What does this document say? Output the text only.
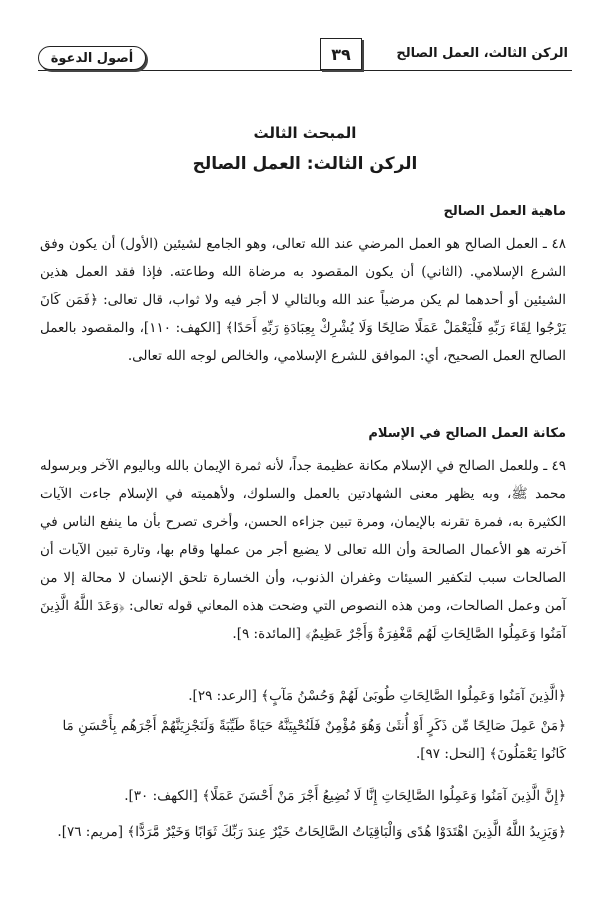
أصول الدعوة	٣٩	الركن الثالث، العمل الصالح
المبحث الثالث
الركن الثالث: العمل الصالح
ماهية العمل الصالح
٤٨ ـ العمل الصالح هو العمل المرضي عند الله تعالى، وهو الجامع لشيئين (الأول) أن يكون وفق الشرع الإسلامي. (الثاني) أن يكون المقصود به مرضاة الله وطاعته. فإذا فقد العمل هذين الشيئين أو أحدهما لم يكن مرضياً عند الله وبالتالي لا أجر فيه ولا ثواب، قال تعالى: ﴿فَمَن كَانَ يَرْجُوا لِقَاءَ رَبِّهِ فَلْيَعْمَلْ عَمَلًا صَالِحًا وَلَا يُشْرِكْ بِعِبَادَةِ رَبِّهِ أَحَدًا﴾ [الكهف: ١١٠]، والمقصود بالعمل الصالح العمل الصحيح، أي: الموافق للشرع الإسلامي، والخالص لوجه الله تعالى.
مكانة العمل الصالح في الإسلام
٤٩ ـ وللعمل الصالح في الإسلام مكانة عظيمة جداً، لأنه ثمرة الإيمان بالله وباليوم الآخر وبرسوله محمد ﷺ، وبه يظهر معنى الشهادتين بالعمل والسلوك، ولأهميته في الإسلام جاءت الآيات الكثيرة به، فمرة تقرنه بالإيمان، ومرة تبين جزاءه الحسن، وأخرى تصرح بأن ما ينفع الناس في آخرته هو الأعمال الصالحة وأن الله تعالى لا يضيع أجر من عملها وقام بها، وتارة تبين الآيات أن الصالحات سبب لتكفير السيئات وغفران الذنوب، وأن الخسارة تلحق الإنسان لا محالة إلا من آمن وعمل الصالحات، ومن هذه النصوص التي وضحت هذه المعاني قوله تعالى: ﴿وَعَدَ اللَّهُ الَّذِينَ آمَنُوا وَعَمِلُوا الصَّالِحَاتِ لَهُم مَّغْفِرَةٌ وَأَجْرٌ عَظِيمٌ﴾ [المائدة: ٩].
﴿الَّذِينَ آمَنُوا وَعَمِلُوا الصَّالِحَاتِ طُوبَىٰ لَهُمْ وَحُسْنُ مَآبٍ﴾ [الرعد: ٢٩].
﴿مَنْ عَمِلَ صَالِحًا مِّن ذَكَرٍ أَوْ أُنثَىٰ وَهُوَ مُؤْمِنٌ فَلَنُحْيِيَنَّهُ حَيَاةً طَيِّبَةً وَلَنَجْزِيَنَّهُمْ أَجْرَهُم بِأَحْسَنِ مَا كَانُوا يَعْمَلُونَ﴾ [النحل: ٩٧].
﴿إِنَّ الَّذِينَ آمَنُوا وَعَمِلُوا الصَّالِحَاتِ إِنَّا لَا نُضِيعُ أَجْرَ مَنْ أَحْسَنَ عَمَلًا﴾ [الكهف: ٣٠].
﴿وَيَزِيدُ اللَّهُ الَّذِينَ اهْتَدَوْا هُدًى وَالْبَاقِيَاتُ الصَّالِحَاتُ خَيْرٌ عِندَ رَبِّكَ ثَوَابًا وَخَيْرٌ مَّرَدًّا﴾ [مريم: ٧٦].
